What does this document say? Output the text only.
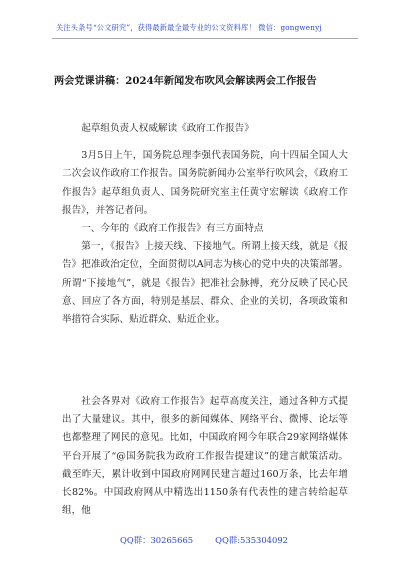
关注头条号“公文研究”，获得最新最全最专业的公文资料库！ 微信：gongwenyj
两会党课讲稿：2024年新闻发布吹风会解读两会工作报告

起草组负责人权威解读《政府工作报告》

3月5日上午，国务院总理李强代表国务院，向十四届全国人大二次会议作政府工作报告。国务院新闻办公室举行吹风会，《政府工作报告》起草组负责人、国务院研究室主任黄守宏解读《政府工作报告》，并答记者问。

一、今年的《政府工作报告》有三方面特点

第一，《报告》上接天线、下接地气。所谓上接天线，就是《报告》把准政治定位，全面贯彻以A同志为核心的党中央的决策部署。所谓“下接地气”，就是《报告》把准社会脉搏，充分反映了民心民意、回应了各方面，特别是基层、群众、企业的关切，各项政策和举措符合实际、贴近群众、贴近企业。

社会各界对《政府工作报告》起草高度关注，通过各种方式提出了大量建议。其中，很多的新闻媒体、网络平台、微博、论坛等也都整理了网民的意见。比如，中国政府网今年联合29家网络媒体平台开展了“@国务院我为政府工作报告提建议”的建言献策活动。截至昨天，累计收到中国政府网网民建言超过160万条，比去年增长82%。中国政府网从中精选出1150条有代表性的建言转给起草组，他

QQ群：30265665	QQ群:535304092
